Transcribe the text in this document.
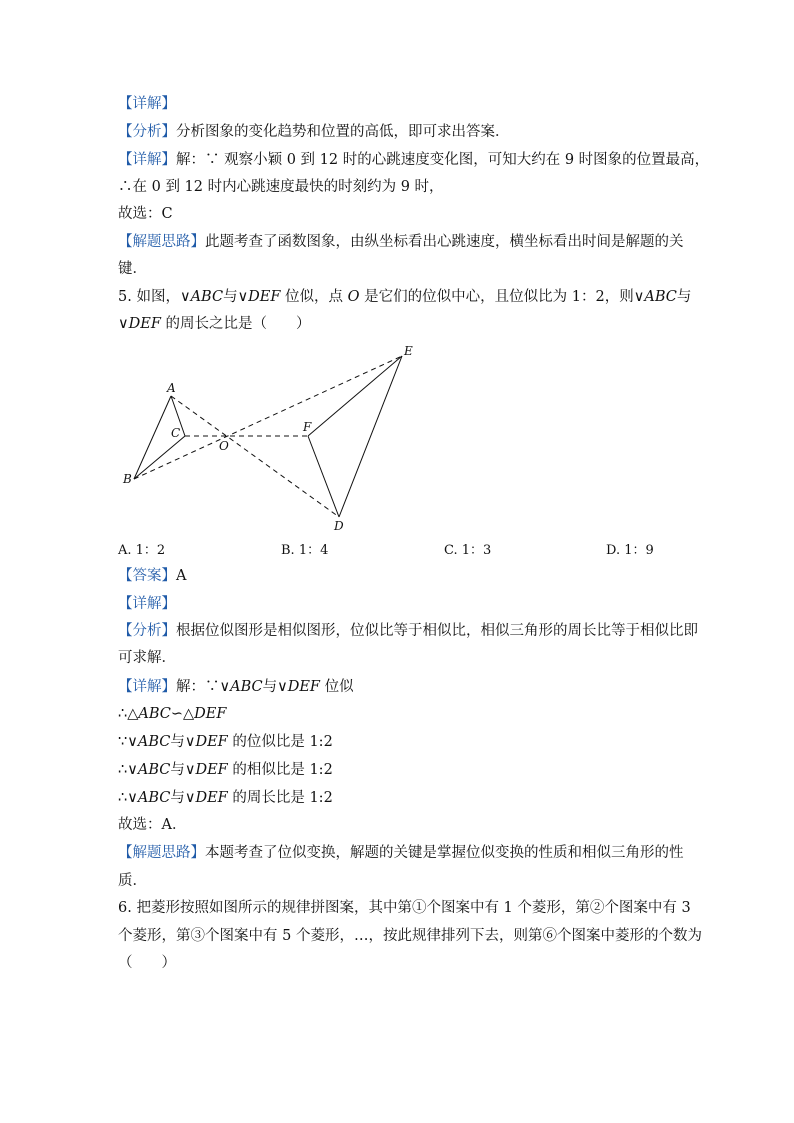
【详解】
【分析】分析图象的变化趋势和位置的高低，即可求出答案．
【详解】解：∵ 观察小颖 0 到 12 时的心跳速度变化图，可知大约在 9 时图象的位置最高，
∴在 0 到 12 时内心跳速度最快的时刻约为 9 时，
故选：C
【解题思路】此题考查了函数图象，由纵坐标看出心跳速度，横坐标看出时间是解题的关
键．
5. 如图，∨ABC与∨DEF 位似，点 O 是它们的位似中心，且位似比为 1：2，则∨ABC与
∨DEF 的周长之比是（　　）
A
B
C
O
F
E
D
A. 1：2	B. 1：4	C. 1：3	D. 1：9
【答案】A
【详解】
【分析】根据位似图形是相似图形，位似比等于相似比，相似三角形的周长比等于相似比即
可求解．
【详解】解：∵∨ABC与∨DEF 位似
∴△ABC∽△DEF
∵∨ABC与∨DEF 的位似比是 1:2
∴∨ABC与∨DEF 的相似比是 1:2
∴∨ABC与∨DEF 的周长比是 1:2
故选：A．
【解题思路】本题考查了位似变换，解题的关键是掌握位似变换的性质和相似三角形的性
质．
6. 把菱形按照如图所示的规律拼图案，其中第①个图案中有 1 个菱形，第②个图案中有 3
个菱形，第③个图案中有 5 个菱形，…，按此规律排列下去，则第⑥个图案中菱形的个数为
（　　）
